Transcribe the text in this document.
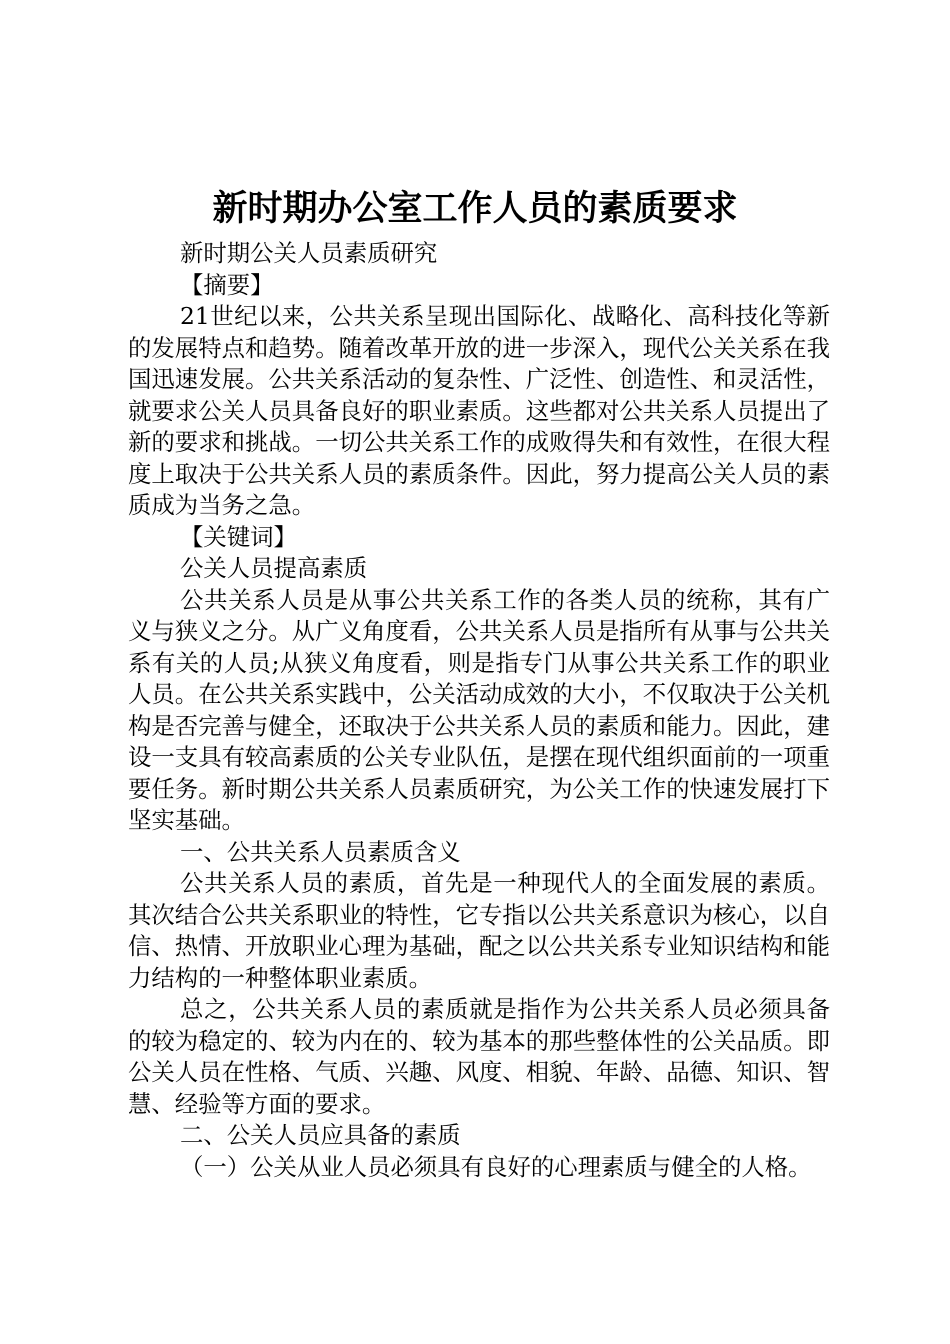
新时期办公室工作人员的素质要求

新时期公关人员素质研究

【摘要】

21世纪以来，公共关系呈现出国际化、战略化、高科技化等新的发展特点和趋势。随着改革开放的进一步深入，现代公关关系在我国迅速发展。公共关系活动的复杂性、广泛性、创造性、和灵活性，就要求公关人员具备良好的职业素质。这些都对公共关系人员提出了新的要求和挑战。一切公共关系工作的成败得失和有效性，在很大程度上取决于公共关系人员的素质条件。因此，努力提高公关人员的素质成为当务之急。

【关键词】

公关人员提高素质

公共关系人员是从事公共关系工作的各类人员的统称，其有广义与狭义之分。从广义角度看，公共关系人员是指所有从事与公共关系有关的人员;从狭义角度看，则是指专门从事公共关系工作的职业人员。在公共关系实践中，公关活动成效的大小，不仅取决于公关机构是否完善与健全，还取决于公共关系人员的素质和能力。因此，建设一支具有较高素质的公关专业队伍，是摆在现代组织面前的一项重要任务。新时期公共关系人员素质研究，为公关工作的快速发展打下坚实基础。

一、公共关系人员素质含义

公共关系人员的素质，首先是一种现代人的全面发展的素质。其次结合公共关系职业的特性，它专指以公共关系意识为核心，以自信、热情、开放职业心理为基础，配之以公共关系专业知识结构和能力结构的一种整体职业素质。

总之，公共关系人员的素质就是指作为公共关系人员必须具备的较为稳定的、较为内在的、较为基本的那些整体性的公关品质。即公关人员在性格、气质、兴趣、风度、相貌、年龄、品德、知识、智慧、经验等方面的要求。

二、公关人员应具备的素质

（一）公关从业人员必须具有良好的心理素质与健全的人格。
